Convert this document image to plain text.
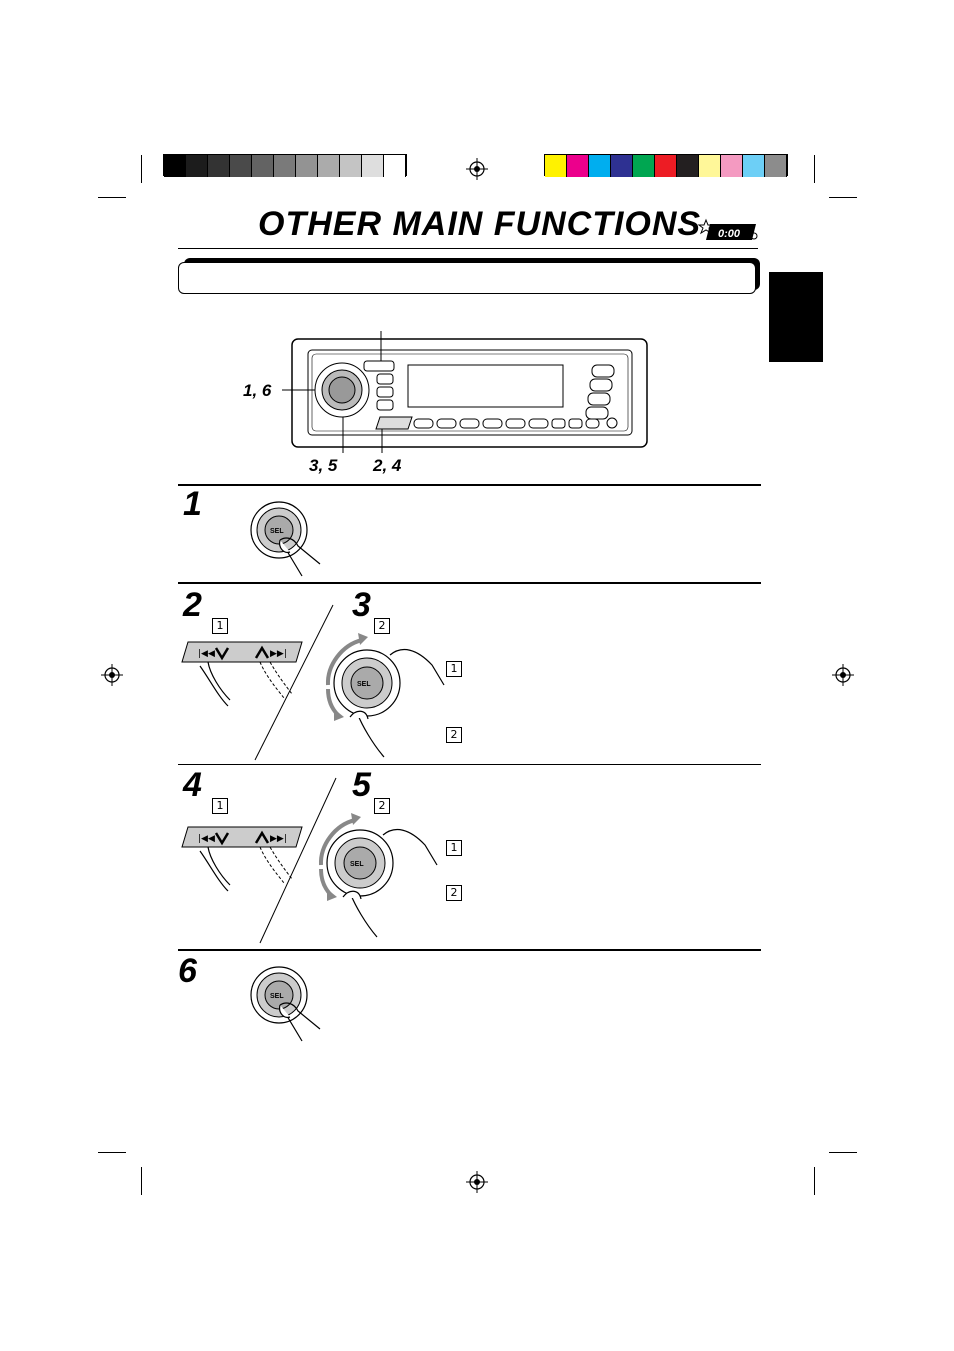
OTHER MAIN FUNCTIONS 0:00
1, 6
3, 5 2, 4
1
SEL
2
1
|◀◀	▶▶|
3
2
SEL
1
2
4
1
|◀◀	▶▶|
5
2
SEL
1
2
6
SEL
